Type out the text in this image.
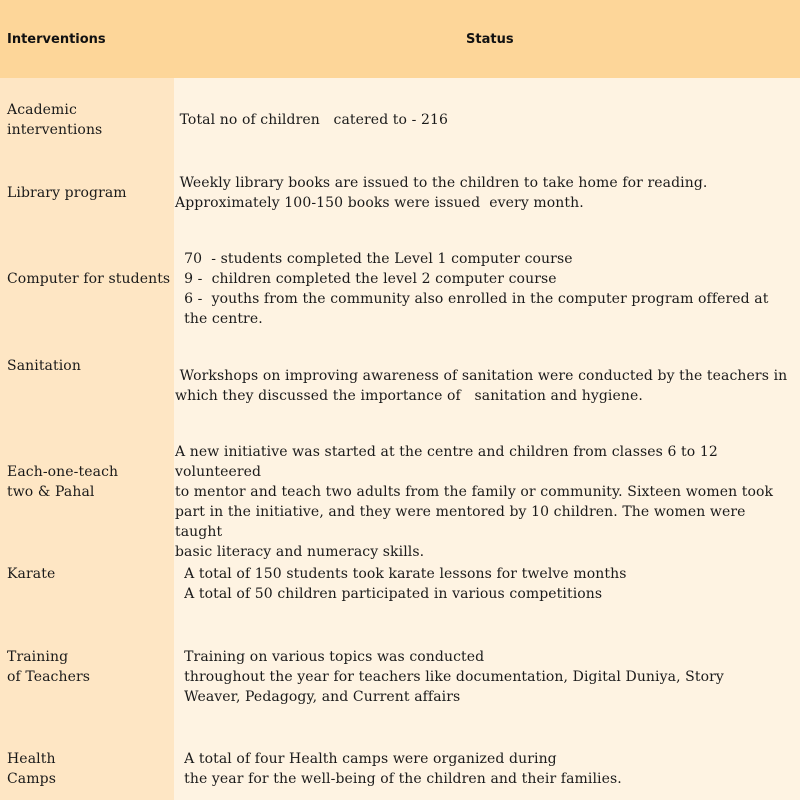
Interventions	Status
Academic
interventions
Total no of children   catered to - 216
Library program
Weekly library books are issued to the children to take home for reading.
Approximately 100-150 books were issued  every month.
Computer for students
70  - students completed the Level 1 computer course
9 -  children completed the level 2 computer course
6 -  youths from the community also enrolled in the computer program offered at
the centre.
Sanitation
Workshops on improving awareness of sanitation were conducted by the teachers in
which they discussed the importance of   sanitation and hygiene.
Each-one-teach
two & Pahal
A new initiative was started at the centre and children from classes 6 to 12 volunteered
to mentor and teach two adults from the family or community. Sixteen women took
part in the initiative, and they were mentored by 10 children. The women were taught
basic literacy and numeracy skills.
Karate	A total of 150 students took karate lessons for twelve months
A total of 50 children participated in various competitions
Training
of Teachers
Training on various topics was conducted
throughout the year for teachers like documentation, Digital Duniya, Story
Weaver, Pedagogy, and Current affairs
Health
Camps
A total of four Health camps were organized during
the year for the well-being of the children and their families.
